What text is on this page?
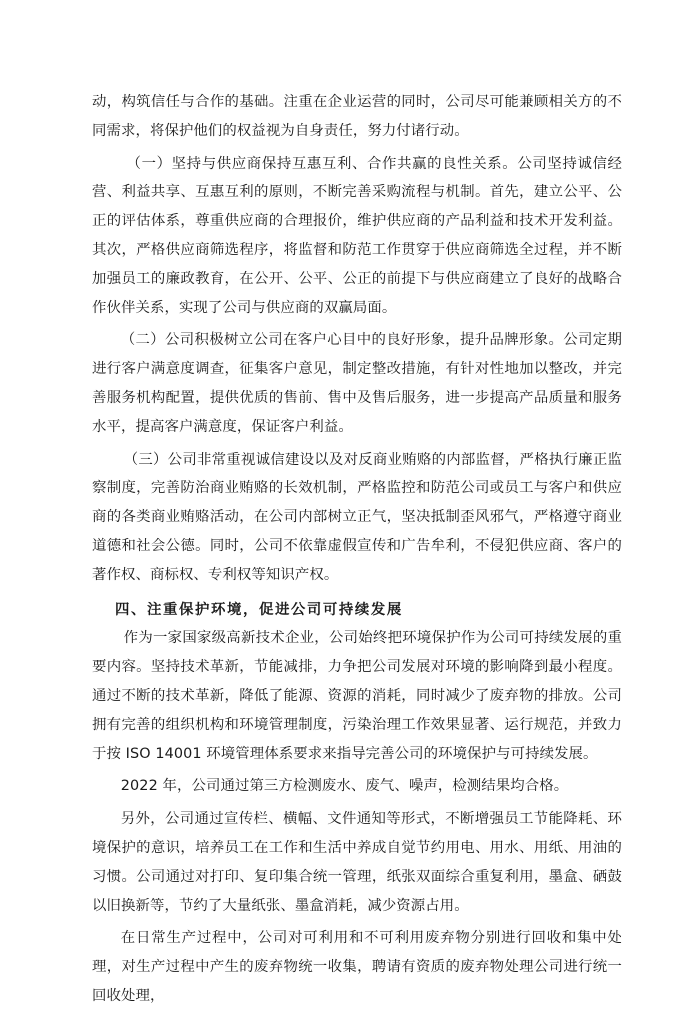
动，构筑信任与合作的基础。注重在企业运营的同时，公司尽可能兼顾相关方的不同需求，将保护他们的权益视为自身责任，努力付诸行动。

（一）坚持与供应商保持互惠互利、合作共赢的良性关系。公司坚持诚信经营、利益共享、互惠互利的原则，不断完善采购流程与机制。首先，建立公平、公正的评估体系，尊重供应商的合理报价，维护供应商的产品利益和技术开发利益。其次，严格供应商筛选程序，将监督和防范工作贯穿于供应商筛选全过程，并不断加强员工的廉政教育，在公开、公平、公正的前提下与供应商建立了良好的战略合作伙伴关系，实现了公司与供应商的双赢局面。

（二）公司积极树立公司在客户心目中的良好形象，提升品牌形象。公司定期进行客户满意度调查，征集客户意见，制定整改措施，有针对性地加以整改，并完善服务机构配置，提供优质的售前、售中及售后服务，进一步提高产品质量和服务水平，提高客户满意度，保证客户利益。

（三）公司非常重视诚信建设以及对反商业贿赂的内部监督，严格执行廉正监察制度，完善防治商业贿赂的长效机制，严格监控和防范公司或员工与客户和供应商的各类商业贿赂活动，在公司内部树立正气，坚决抵制歪风邪气，严格遵守商业道德和社会公德。同时，公司不依靠虚假宣传和广告牟利，不侵犯供应商、客户的著作权、商标权、专利权等知识产权。

四、注重保护环境，促进公司可持续发展

作为一家国家级高新技术企业，公司始终把环境保护作为公司可持续发展的重要内容。坚持技术革新，节能减排，力争把公司发展对环境的影响降到最小程度。通过不断的技术革新，降低了能源、资源的消耗，同时减少了废弃物的排放。公司拥有完善的组织机构和环境管理制度，污染治理工作效果显著、运行规范，并致力于按 ISO 14001 环境管理体系要求来指导完善公司的环境保护与可持续发展。

2022 年，公司通过第三方检测废水、废气、噪声，检测结果均合格。

另外，公司通过宣传栏、横幅、文件通知等形式，不断增强员工节能降耗、环境保护的意识，培养员工在工作和生活中养成自觉节约用电、用水、用纸、用油的习惯。公司通过对打印、复印集合统一管理，纸张双面综合重复利用，墨盒、硒鼓以旧换新等，节约了大量纸张、墨盒消耗，减少资源占用。

在日常生产过程中，公司对可利用和不可利用废弃物分别进行回收和集中处理，对生产过程中产生的废弃物统一收集，聘请有资质的废弃物处理公司进行统一回收处理，
